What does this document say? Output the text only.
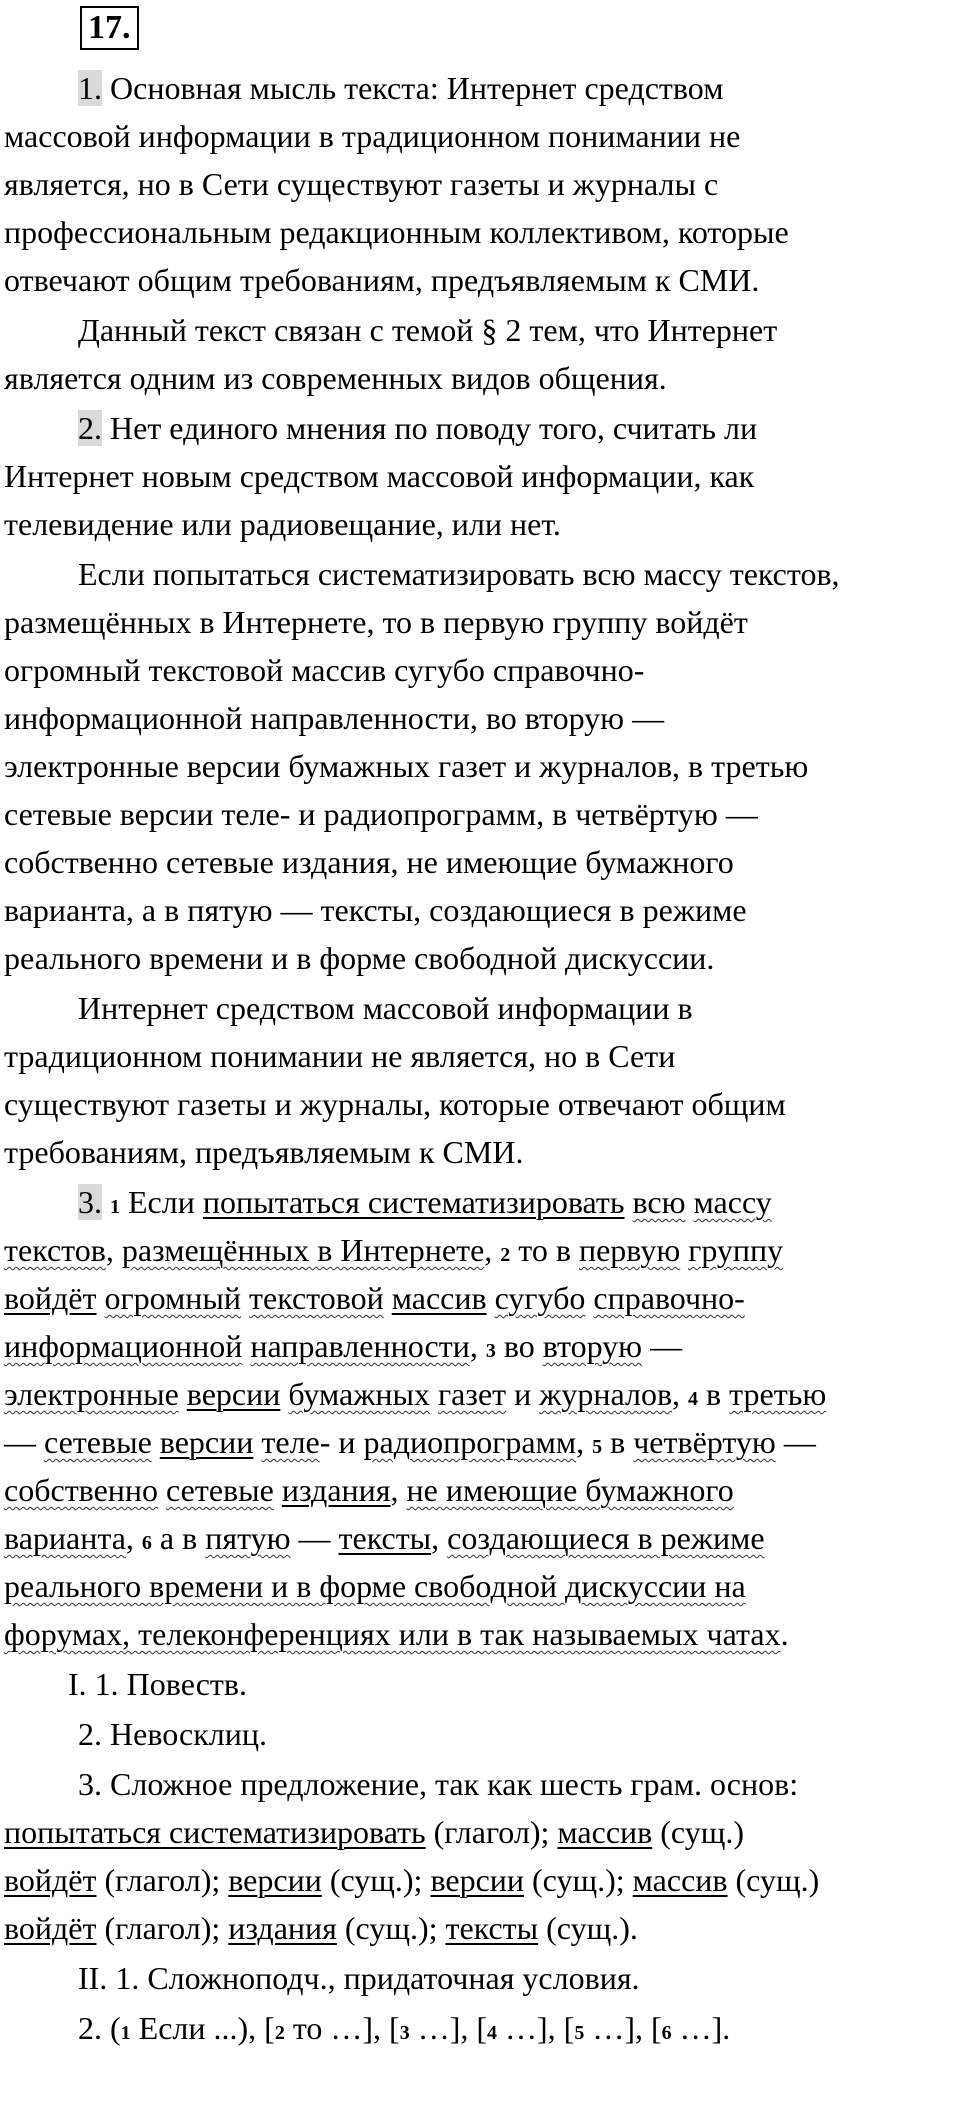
17.
1. Основная мысль текста: Интернет средством
массовой информации в традиционном понимании не
является, но в Сети существуют газеты и журналы с
профессиональным редакционным коллективом, которые
отвечают общим требованиям, предъявляемым к СМИ.
Данный текст связан с темой § 2 тем, что Интернет
является одним из современных видов общения.
2. Нет единого мнения по поводу того, считать ли
Интернет новым средством массовой информации, как
телевидение или радиовещание, или нет.
Если попытаться систематизировать всю массу текстов,
размещённых в Интернете, то в первую группу войдёт
огромный текстовой массив сугубо справочно-
информационной направленности, во вторую —
электронные версии бумажных газет и журналов, в третью
сетевые версии теле- и радиопрограмм, в четвёртую —
собственно сетевые издания, не имеющие бумажного
варианта, а в пятую — тексты, создающиеся в режиме
реального времени и в форме свободной дискуссии.
Интернет средством массовой информации в
традиционном понимании не является, но в Сети
существуют газеты и журналы, которые отвечают общим
требованиям, предъявляемым к СМИ.
3. 1 Если попытаться систематизировать всю массу
текстов, размещённых в Интернете, 2 то в первую группу
войдёт огромный текстовой массив сугубо справочно-
информационной направленности, 3 во вторую —
электронные версии бумажных газет и журналов, 4 в третью
— сетевые версии теле- и радиопрограмм, 5 в четвёртую —
собственно сетевые издания, не имеющие бумажного
варианта, 6 а в пятую — тексты, создающиеся в режиме
реального времени и в форме свободной дискуссии на
форумах, телеконференциях или в так называемых чатах.
I. 1. Повеств.
2. Невосклиц.
3. Сложное предложение, так как шесть грам. основ:
попытаться систематизировать (глагол); массив (сущ.)
войдёт (глагол); версии (сущ.); версии (сущ.); массив (сущ.)
войдёт (глагол); издания (сущ.); тексты (сущ.).
II. 1. Сложноподч., придаточная условия.
2. (1 Если ...), [2 то …], [3 …], [4 …], [5 …], [6 …].
